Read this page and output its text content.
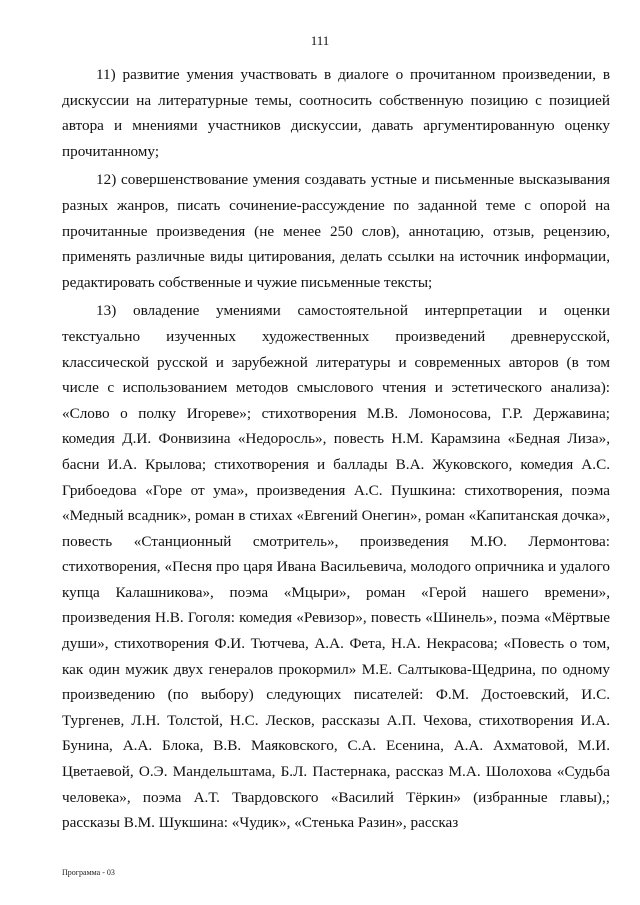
111

11) развитие умения участвовать в диалоге о прочитанном произведении, в дискуссии на литературные темы, соотносить собственную позицию с позицией автора и мнениями участников дискуссии, давать аргументированную оценку прочитанному;

12) совершенствование умения создавать устные и письменные высказывания разных жанров, писать сочинение-рассуждение по заданной теме с опорой на прочитанные произведения (не менее 250 слов), аннотацию, отзыв, рецензию, применять различные виды цитирования, делать ссылки на источник информации, редактировать собственные и чужие письменные тексты;

13) овладение умениями самостоятельной интерпретации и оценки текстуально изученных художественных произведений древнерусской, классической русской и зарубежной литературы и современных авторов (в том числе с использованием методов смыслового чтения и эстетического анализа): «Слово о полку Игореве»; стихотворения М.В. Ломоносова, Г.Р. Державина; комедия Д.И. Фонвизина «Недоросль», повесть Н.М. Карамзина «Бедная Лиза», басни И.А. Крылова; стихотворения и баллады В.А. Жуковского, комедия А.С. Грибоедова «Горе от ума», произведения А.С. Пушкина: стихотворения, поэма «Медный всадник», роман в стихах «Евгений Онегин», роман «Капитанская дочка», повесть «Станционный смотритель», произведения М.Ю. Лермонтова: стихотворения, «Песня про царя Ивана Васильевича, молодого опричника и удалого купца Калашникова», поэма «Мцыри», роман «Герой нашего времени», произведения Н.В. Гоголя: комедия «Ревизор», повесть «Шинель», поэма «Мёртвые души», стихотворения Ф.И. Тютчева, А.А. Фета, Н.А. Некрасова; «Повесть о том, как один мужик двух генералов прокормил» М.Е. Салтыкова-Щедрина, по одному произведению (по выбору) следующих писателей: Ф.М. Достоевский, И.С. Тургенев, Л.Н. Толстой, Н.С. Лесков, рассказы А.П. Чехова, стихотворения И.А. Бунина, А.А. Блока, В.В. Маяковского, С.А. Есенина, А.А. Ахматовой, М.И. Цветаевой, О.Э. Мандельштама, Б.Л. Пастернака, рассказ М.А. Шолохова «Судьба человека», поэма А.Т. Твардовского «Василий Тёркин» (избранные главы),; рассказы В.М. Шукшина: «Чудик», «Стенька Разин», рассказ

Программа - 03
